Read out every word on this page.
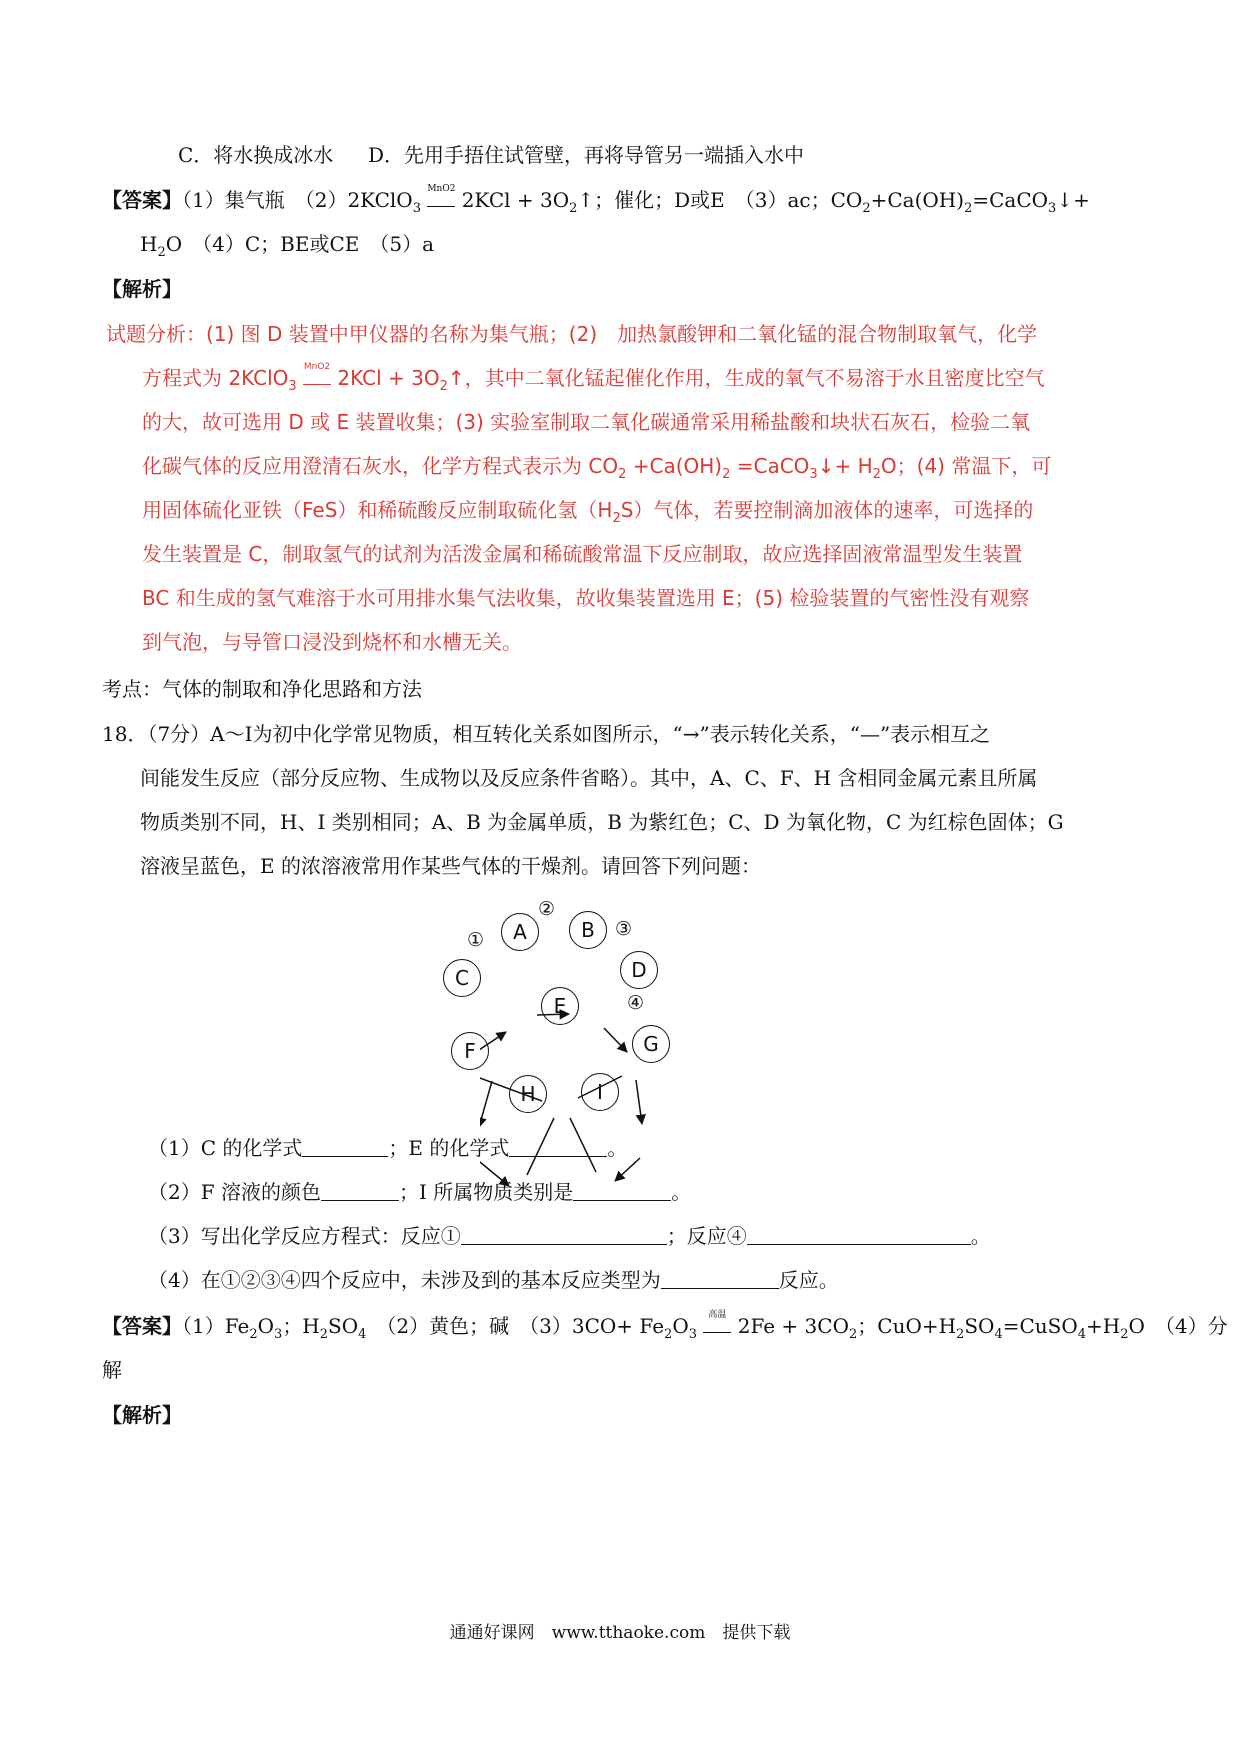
C．将水换成冰水 D．先用手捂住试管壁，再将导管另一端插入水中
【答案】（1）集气瓶　（2）2KClO$_3$
MnO2 $2KCl + 3O_2↑$；催化；D或E　（3）ac；$CO_2+Ca(OH)_2=CaCO_3↓+$
$H_2O$　（4）C；BE或CE　（5）a
【解析】
试题分析：(1) 图 D 装置中甲仪器的名称为集气瓶；(2)　加热氯酸钾和二氧化锰的混合物制取氧气，化学
方程式为 2KClO$_3$
MnO2 $2KCl + 3O_2↑$，其中二氧化锰起催化作用，生成的氧气不易溶于水且密度比空气
的大，故可选用 D 或 E 装置收集；(3) 实验室制取二氧化碳通常采用稀盐酸和块状石灰石，检验二氧
化碳气体的反应用澄清石灰水，化学方程式表示为 $CO_2 +Ca(OH)_2$ =CaCO$_3$↓+ $H_2O$；(4) 常温下，可
用固体硫化亚铁（FeS）和稀硫酸反应制取硫化氢$(H_2S)$气体，若要控制滴加液体的速率，可选择的
发生装置是 C，制取氢气的试剂为活泼金属和稀硫酸常温下反应制取，故应选择固液常温型发生装置
BC 和生成的氢气难溶于水可用排水集气法收集，故收集装置选用 E；(5) 检验装置的气密性没有观察
到气泡，与导管口浸没到烧杯和水槽无关。
考点：气体的制取和净化思路和方法
18．（7分）A～I为初中化学常见物质，相互转化关系如图所示，“→”表示转化关系，“—”表示相互之
间能发生反应（部分反应物、生成物以及反应条件省略）。其中，A、C、F、H 含相同金属元素且所属
物质类别不同，H、I 类别相同；A、B 为金属单质，B 为紫红色；C、D 为氧化物，C 为红棕色固体；G
溶液呈蓝色，E 的浓溶液常用作某些气体的干燥剂。请回答下列问题：
A	B
C	D
E
F	G
H	I
①
②
③
④
（1）C 的化学式	；E 的化学式	。
（2）F 溶液的颜色	；I 所属物质类别是	。
（3）写出化学反应方程式：反应①	；反应④	。
（4）在①②③④四个反应中，未涉及到的基本反应类型为	反应。
【答案】$(1)Fe_2O_3$；$H_2SO_4$　（2）黄色；碱　$(3)3CO+ Fe_2O_3$
高温 $2Fe + 3CO_2$；$CuO+H_2SO_4=CuSO_4+H_2O$　（4）分
解
【解析】
通通好课网　www.tthaoke.com　提供下载
